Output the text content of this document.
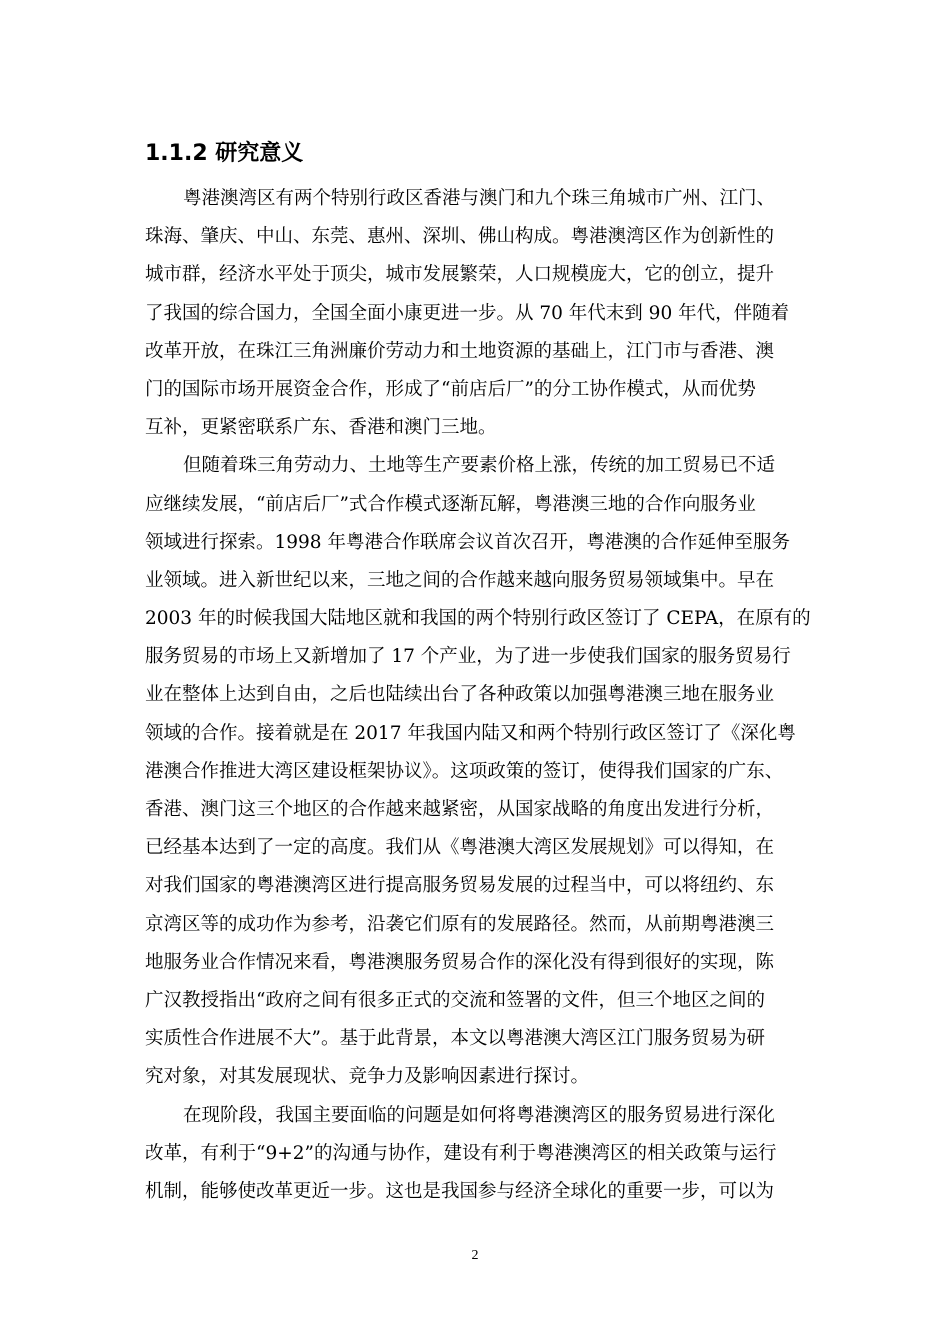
1.1.2 研究意义
粤港澳湾区有两个特别行政区香港与澳门和九个珠三角城市广州、江门、
珠海、肇庆、中山、东莞、惠州、深圳、佛山构成。粤港澳湾区作为创新性的
城市群，经济水平处于顶尖，城市发展繁荣，人口规模庞大，它的创立，提升
了我国的综合国力，全国全面小康更进一步。从 70 年代末到 90 年代，伴随着
改革开放，在珠江三角洲廉价劳动力和土地资源的基础上，江门市与香港、澳
门的国际市场开展资金合作，形成了“前店后厂”的分工协作模式，从而优势
互补，更紧密联系广东、香港和澳门三地。
但随着珠三角劳动力、土地等生产要素价格上涨，传统的加工贸易已不适
应继续发展，“前店后厂”式合作模式逐渐瓦解，粤港澳三地的合作向服务业
领域进行探索。1998 年粤港合作联席会议首次召开，粤港澳的合作延伸至服务
业领域。进入新世纪以来，三地之间的合作越来越向服务贸易领域集中。早在
2003 年的时候我国大陆地区就和我国的两个特别行政区签订了 CEPA，在原有的
服务贸易的市场上又新增加了 17 个产业，为了进一步使我们国家的服务贸易行
业在整体上达到自由，之后也陆续出台了各种政策以加强粤港澳三地在服务业
领域的合作。接着就是在 2017 年我国内陆又和两个特别行政区签订了《深化粤
港澳合作推进大湾区建设框架协议》。这项政策的签订，使得我们国家的广东、
香港、澳门这三个地区的合作越来越紧密，从国家战略的角度出发进行分析，
已经基本达到了一定的高度。我们从《粤港澳大湾区发展规划》可以得知，在
对我们国家的粤港澳湾区进行提高服务贸易发展的过程当中，可以将纽约、东
京湾区等的成功作为参考，沿袭它们原有的发展路径。然而，从前期粤港澳三
地服务业合作情况来看，粤港澳服务贸易合作的深化没有得到很好的实现，陈
广汉教授指出“政府之间有很多正式的交流和签署的文件，但三个地区之间的
实质性合作进展不大”。基于此背景，本文以粤港澳大湾区江门服务贸易为研
究对象，对其发展现状、竞争力及影响因素进行探讨。
在现阶段，我国主要面临的问题是如何将粤港澳湾区的服务贸易进行深化
改革，有利于“9+2”的沟通与协作，建设有利于粤港澳湾区的相关政策与运行
机制，能够使改革更近一步。这也是我国参与经济全球化的重要一步，可以为
2
